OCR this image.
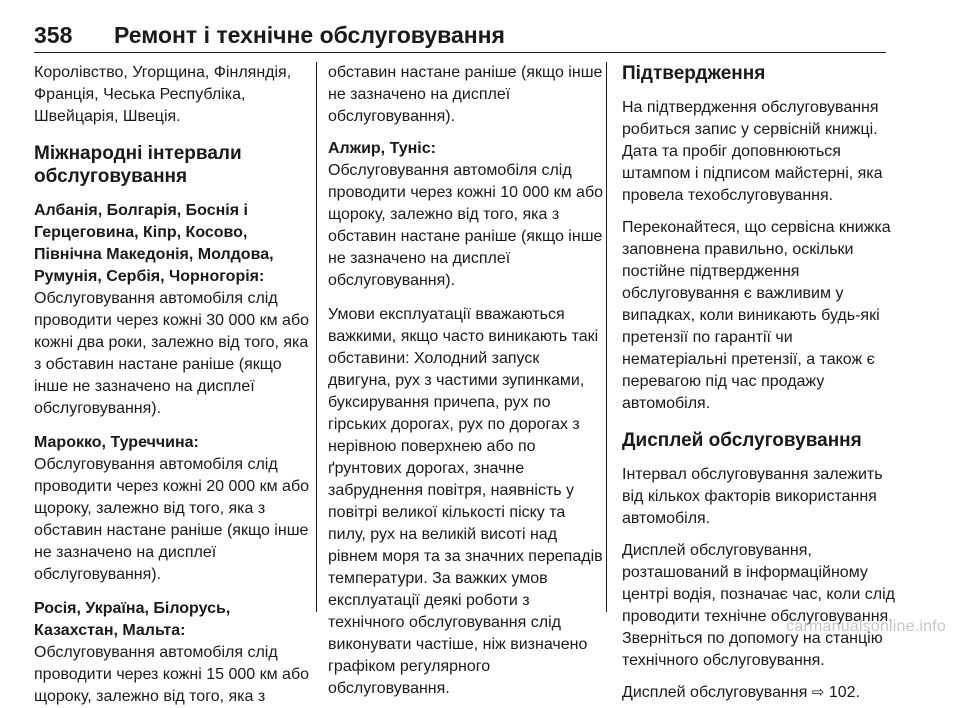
358 Ремонт і технічне обслуговування

Королівство, Угорщина, Фінляндія, Франція, Чеська Республіка, Швейцарія, Швеція.

Міжнародні інтервали обслуговування
Албанія, Болгарія, Боснія і Герцеговина, Кіпр, Косово, Північна Македонія, Молдова, Румунія, Сербія, Чорногорія:

Обслуговування автомобіля слід проводити через кожні 30 000 км або кожні два роки, залежно від того, яка з обставин настане раніше (якщо інше не зазначено на дисплеї обслуговування).

Марокко, Туреччина:

Обслуговування автомобіля слід проводити через кожні 20 000 км або щороку, залежно від того, яка з обставин настане раніше (якщо інше не зазначено на дисплеї обслуговування).

Росія, Україна, Білорусь, Казахстан, Мальта:

Обслуговування автомобіля слід проводити через кожні 15 000 км або щороку, залежно від того, яка з

обставин настане раніше (якщо інше не зазначено на дисплеї обслуговування).

Алжир, Туніс:

Обслуговування автомобіля слід проводити через кожні 10 000 км або щороку, залежно від того, яка з обставин настане раніше (якщо інше не зазначено на дисплеї обслуговування).

Умови експлуатації вважаються важкими, якщо часто виникають такі обставини: Холодний запуск двигуна, рух з частими зупинками, буксирування причепа, рух по гірських дорогах, рух по дорогах з нерівною поверхнею або по ґрунтових дорогах, значне забруднення повітря, наявність у повітрі великої кількості піску та пилу, рух на великій висоті над рівнем моря та за значних перепадів температури. За важких умов експлуатації деякі роботи з технічного обслуговування слід виконувати частіше, ніж визначено графіком регулярного обслуговування.

Підтвердження

На підтвердження обслуговування робиться запис у сервісній книжці. Дата та пробіг доповнюються штампом і підписом майстерні, яка провела техобслуговування.

Переконайтеся, що сервісна книжка заповнена правильно, оскільки постійне підтвердження обслуговування є важливим у випадках, коли виникають будь-які претензії по гарантії чи нематеріальні претензії, а також є перевагою під час продажу автомобіля.

Дисплей обслуговування

Інтервал обслуговування залежить від кількох факторів використання автомобіля.

Дисплей обслуговування, розташований в інформаційному центрі водія, позначає час, коли слід проводити технічне обслуговування. Зверніться по допомогу на станцію технічного обслуговування.

Дисплей обслуговування ⇨ 102.

carmanualsonline.info
